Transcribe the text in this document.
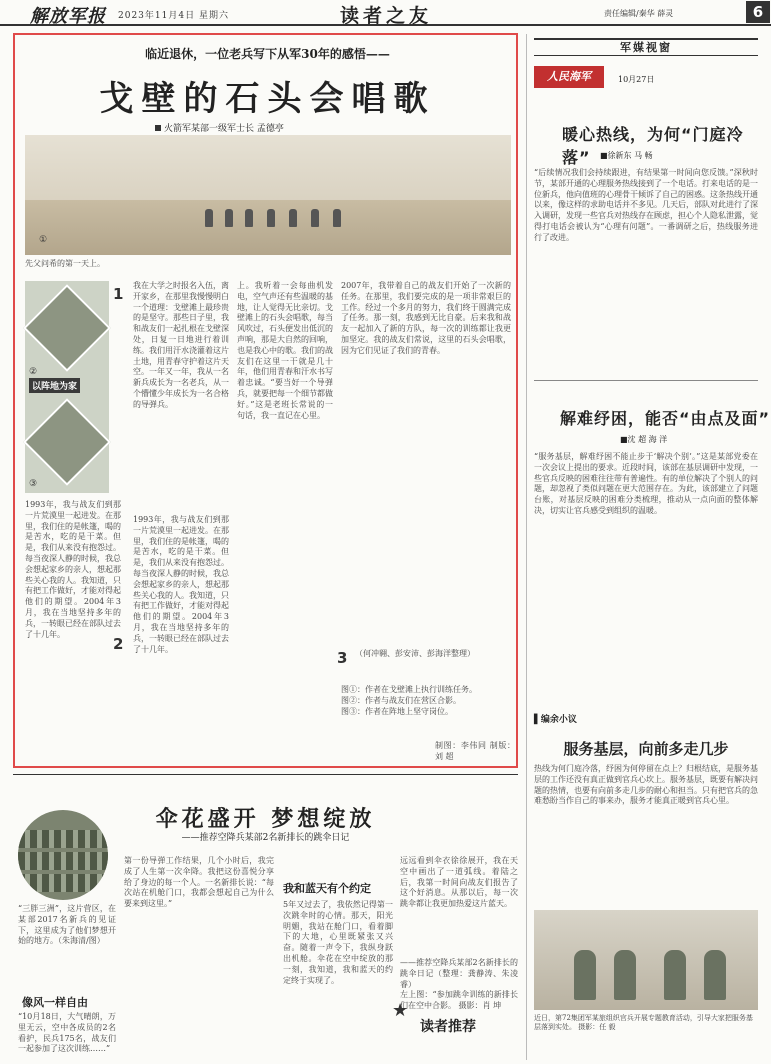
解放军报 2023年11月4日 星期六	读者之友	责任编辑/秦华 薛灵	6
临近退休，一位老兵写下从军30年的感悟——
戈壁的石头会唱歌
火箭军某部一级军士长 孟德亭
①
先父问希的第一天上。
②
③
以阵地为家
1
2
3
我在大学之时报名入伍，离开家乡，在那里我慢慢明白一个道理：戈壁滩上最珍贵的是坚守。那些日子里，我和战友们一起扎根在戈壁深处，日复一日地进行着训练。我们用汗水浇灌着这片土地，用青春守护着这片天空。一年又一年，我从一名新兵成长为一名老兵，从一个懵懂少年成长为一名合格的导弹兵。
1993年，我与战友们到那一片荒漠里一起进发。在那里，我们住的是帐篷，喝的是苦水，吃的是干菜。但是，我们从来没有抱怨过。每当夜深人静的时候，我总会想起家乡的亲人，想起那些关心我的人。我知道，只有把工作做好，才能对得起他们的期望。2004年3月，我在当地坚持多年的兵，一转眼已经在部队过去了十几年。
1993年，我与战友们到那一片荒漠里一起进发。在那里，我们住的是帐篷，喝的是苦水，吃的是干菜。但是，我们从来没有抱怨过。每当夜深人静的时候，我总会想起家乡的亲人，想起那些关心我的人。我知道，只有把工作做好，才能对得起他们的期望。2004年3月，我在当地坚持多年的兵，一转眼已经在部队过去了十几年。
上。我听着一会每曲机发电，空气声还有些温暖的基地，让人觉得无比亲切。戈壁滩上的石头会唱歌，每当风吹过，石头便发出低沉的声响，那是大自然的回响，也是我心中的歌。我们的战友们在这里一干就是几十年，他们用青春和汗水书写着忠诚。“要当好一个导弹兵，就要把每一个细节都做好。”这是老班长常说的一句话，我一直记在心里。
2007年，我带着自己的战友们开始了一次新的任务。在那里，我们要完成的是一项非常艰巨的工作。经过一个多月的努力，我们终于圆满完成了任务。那一刻，我感到无比自豪。后来我和战友一起加入了新的方队，每一次的训练都让我更加坚定。我的战友们常说，这里的石头会唱歌，因为它们见证了我们的青春。
（何冲翱、彭安沛、彭海洋整理）
图①：作者在戈壁滩上执行训练任务。
图②：作者与战友们在营区合影。
图③：作者在阵地上坚守岗位。
制图：李伟同 制版：刘 超
军媒视窗
人民海军	10月27日
暖心热线，为何“门庭冷落”	■徐新东 马 畅
“后续情况我们会持续跟进，有结果第一时间向您反馈。”深秋时节，某部开通的心理服务热线接到了一个电话。打来电话的是一位新兵，他向值班的心理骨干倾诉了自己的困惑。这条热线开通以来，像这样的求助电话并不多见。几天后，部队对此进行了深入调研，发现一些官兵对热线存在顾虑，担心个人隐私泄露，觉得打电话会被认为“心理有问题”。一番调研之后，热线服务进行了改进。
解难纾困，能否“由点及面”
■沈 超 海 洋
“服务基层，解难纾困不能止步于‘解决个别’。”这是某部党委在一次会议上提出的要求。近段时间，该部在基层调研中发现，一些官兵反映的困难往往带有普遍性。有的单位解决了个别人的问题，却忽视了类似问题在更大范围存在。为此，该部建立了问题台账，对基层反映的困难分类梳理，推动从一点向面的整体解决，切实让官兵感受到组织的温暖。
▌编余小议
服务基层，向前多走几步
热线为何门庭冷落，纾困为何停留在点上？归根结底，是服务基层的工作还没有真正做到官兵心坎上。服务基层，既要有解决问题的热情，也要有向前多走几步的耐心和担当。只有把官兵的急难愁盼当作自己的事来办，服务才能真正暖到官兵心里。
近日，第72集团军某旅组织官兵开展专题教育活动，引导大家把服务基层落到实处。 摄影：任 毅
伞花盛开 梦想绽放
——推荐空降兵某部2名新排长的跳伞日记
“三胖三洲”，这片营区，在某部2017名新兵的见证下，这里成为了他们梦想开始的地方。（朱海清/图）
像风一样自由
“10月18日，大气晴朗，万里无云，空中各成员的2名看护，民兵175名，战友们一起参加了这次训练……”
第一份导弹工作结果，几个小时后，我完成了人生第一次伞降。我把这份喜悦分享给了身边的每一个人。一名新排长说：“每次站在机舱门口，我都会想起自己为什么要来到这里。”
我和蓝天有个约定
5年又过去了，我依然记得第一次跳伞时的心情。那天，阳光明媚，我站在舱门口，看着脚下的大地，心里既紧张又兴奋。随着一声令下，我纵身跃出机舱。伞花在空中绽放的那一刻，我知道，我和蓝天的约定终于实现了。
远远看到伞衣徐徐展开，我在天空中画出了一道弧线。着陆之后，我第一时间向战友们报告了这个好消息。从那以后，每一次跳伞都让我更加热爱这片蓝天。
——推荐空降兵某部2名新排长的跳伞日记（整理：龚静涛、朱凌睿）
左上图：“参加跳伞训练的新排长们在空中合影。 摄影：肖 坤
★
读者推荐
